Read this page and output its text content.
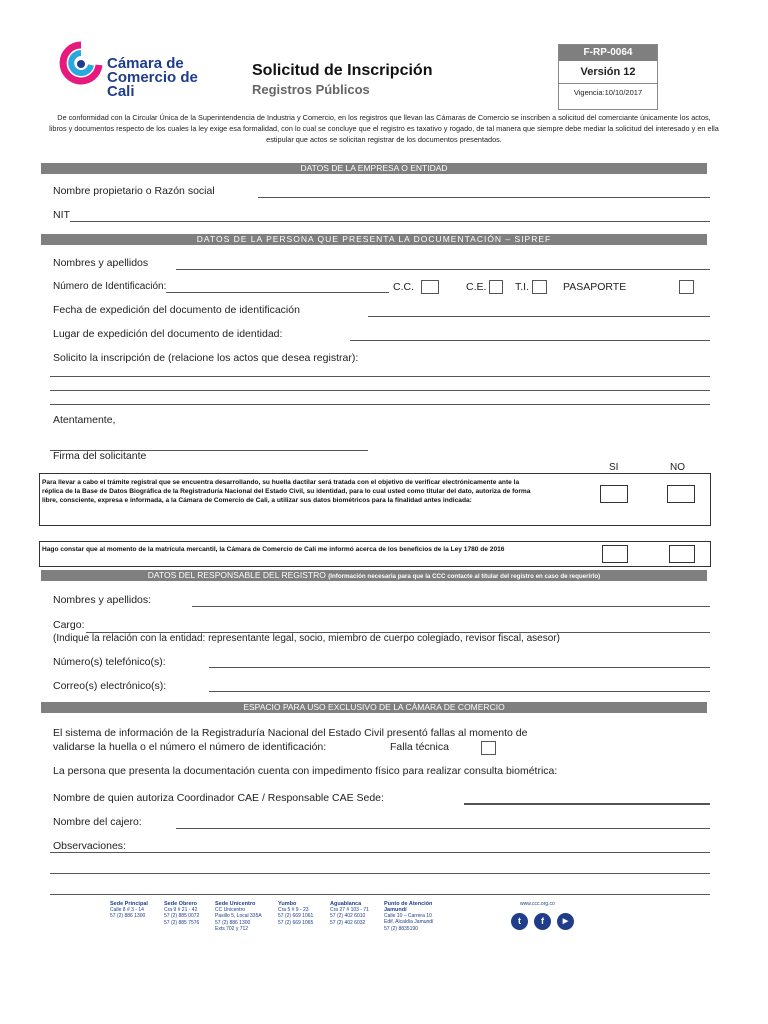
Cámara de
Comercio de
Cali
Solicitud de Inscripción
Registros Públicos
F-RP-0064
Versión 12
Vigencia:10/10/2017
De conformidad con la Circular Única de la Superintendencia de Industria y Comercio, en los registros que llevan las Cámaras de Comercio se inscriben a solicitud del comerciante únicamente los actos, libros y documentos respecto de los cuales la ley exige esa formalidad, con lo cual se concluye que el registro es taxativo y rogado, de tal manera que siempre debe mediar la solicitud del interesado y en ella estipular que actos se solicitan registrar de los documentos presentados.
DATOS DE LA EMPRESA O ENTIDAD
Nombre propietario o Razón social
NIT
DATOS DE LA PERSONA QUE PRESENTA LA DOCUMENTACIÓN – SIPREF
Nombres y apellidos
Número de Identificación:	C.C.	C.E.	T.I.	PASAPORTE
Fecha de expedición del documento de identificación
Lugar de expedición del documento de identidad:
Solicito la inscripción de (relacione los actos que desea registrar):
Atentamente,
Firma del solicitante
SI	NO
Para llevar a cabo el trámite registral que se encuentra desarrollando, su huella dactilar será tratada con el objetivo de verificar electrónicamente ante la réplica de la Base de Datos Biográfica de la Registraduría Nacional del Estado Civil, su identidad, para lo cual usted como titular del dato, autoriza de forma libre, consciente, expresa e informada, a la Cámara de Comercio de Cali, a utilizar sus datos biométricos para la finalidad antes indicada:
Hago constar que al momento de la matrícula mercantil, la Cámara de Comercio de Cali me informó acerca de los beneficios de la Ley 1780 de 2016
DATOS DEL RESPONSABLE DEL REGISTRO (Información necesaria para que la CCC contacte al titular del registro en caso de requerirlo)
Nombres y apellidos:
Cargo:
(Indique la relación con la entidad: representante legal, socio, miembro de cuerpo colegiado, revisor fiscal, asesor)
Número(s) telefónico(s):
Correo(s) electrónico(s):
ESPACIO PARA USO EXCLUSIVO DE LA CÁMARA DE COMERCIO
El sistema de información de la Registraduría Nacional del Estado Civil presentó fallas al momento de
validarse la huella o el número el número de identificación:	Falla técnica
La persona que presenta la documentación cuenta con impedimento físico para realizar consulta biométrica:
Nombre de quien autoriza Coordinador CAE / Responsable CAE Sede:
Nombre del cajero:
Observaciones:
Sede Principal
Calle 8 # 3 - 14
57 (2) 886 1300
Sede Obrero
Cra 9 # 21 - 42
57 (2) 885 0072
57 (2) 885 7576
Sede Unicentro
CC Unicentro
Pasillo 5, Local 335A
57 (2) 886 1300
Exts 702 y 712
Yumbo
Cra 5 # 9 - 23
57 (2) 669 1061
57 (2) 669 1065
Aguablanca
Cra 27 # 103 - 71
57 (2) 402 6010
57 (2) 402 6032
Punto de Atención Jamundí
Calle 10 – Carrera 10
Edif. Alcaldía Jamundí
57 (2) 8835190
www.ccc.org.co
t	f	▶
